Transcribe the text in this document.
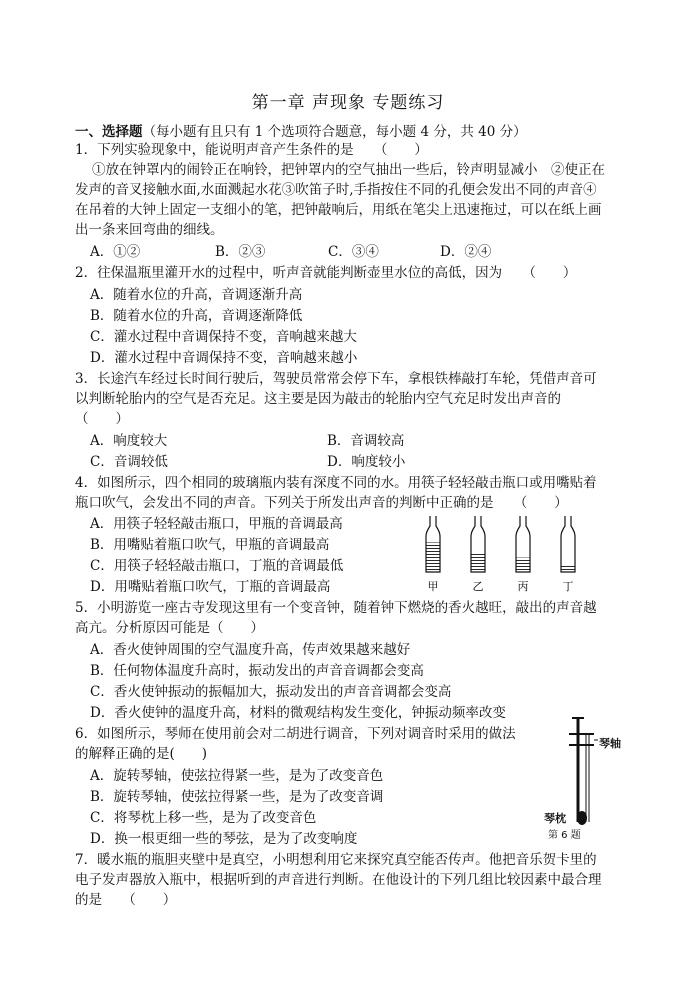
第一章 声现象 专题练习
一、选择题（每小题有且只有 1 个选项符合题意，每小题 4 分，共 40 分）
1．下列实验现象中，能说明声音产生条件的是　　（　　）
①放在钟罩内的闹铃正在响铃，把钟罩内的空气抽出一些后，铃声明显减小　②使正在
发声的音叉接触水面,水面溅起水花③吹笛子时,手指按住不同的孔便会发出不同的声音④
在吊着的大钟上固定一支细小的笔，把钟敲响后，用纸在笔尖上迅速拖过，可以在纸上画
出一条来回弯曲的细线。
A．①②	B．②③	C．③④	D．②④
2．往保温瓶里灌开水的过程中，听声音就能判断壶里水位的高低，因为　　（　　）
A．随着水位的升高，音调逐渐升高
B．随着水位的升高，音调逐渐降低
C．灌水过程中音调保持不变，音响越来越大
D．灌水过程中音调保持不变，音响越来越小
3．长途汽车经过长时间行驶后，驾驶员常常会停下车，拿根铁棒敲打车轮，凭借声音可
以判断轮胎内的空气是否充足。这主要是因为敲击的轮胎内空气充足时发出声音的
（　　）
A．响度较大	B．音调较高
C．音调较低	D．响度较小
4．如图所示，四个相同的玻璃瓶内装有深度不同的水。用筷子轻轻敲击瓶口或用嘴贴着
瓶口吹气，会发出不同的声音。下列关于所发出声音的判断中正确的是　　（　　）
A．用筷子轻轻敲击瓶口，甲瓶的音调最高
B．用嘴贴着瓶口吹气，甲瓶的音调最高
C．用筷子轻轻敲击瓶口，丁瓶的音调最低
D．用嘴贴着瓶口吹气，丁瓶的音调最高	甲	乙	丙	丁
5．小明游览一座古寺发现这里有一个变音钟，随着钟下燃烧的香火越旺，敲出的声音越
高亢。分析原因可能是（　　）
A．香火使钟周围的空气温度升高，传声效果越来越好
B．任何物体温度升高时，振动发出的声音音调都会变高
C．香火使钟振动的振幅加大，振动发出的声音音调都会变高
D．香火使钟的温度升高，材料的微观结构发生变化，钟振动频率改变
6．如图所示，琴师在使用前会对二胡进行调音，下列对调音时采用的做法
的解释正确的是(　　)
A．旋转琴轴，使弦拉得紧一些，是为了改变音色
B．旋转琴轴，使弦拉得紧一些，是为了改变音调
C．将琴枕上移一些，是为了改变音色
D．换一根更细一些的琴弦，是为了改变响度
琴轴
琴枕
第 6 题
7．暖水瓶的瓶胆夹壁中是真空，小明想利用它来探究真空能否传声。他把音乐贺卡里的
电子发声器放入瓶中，根据听到的声音进行判断。在他设计的下列几组比较因素中最合理
的是　　（　　）
